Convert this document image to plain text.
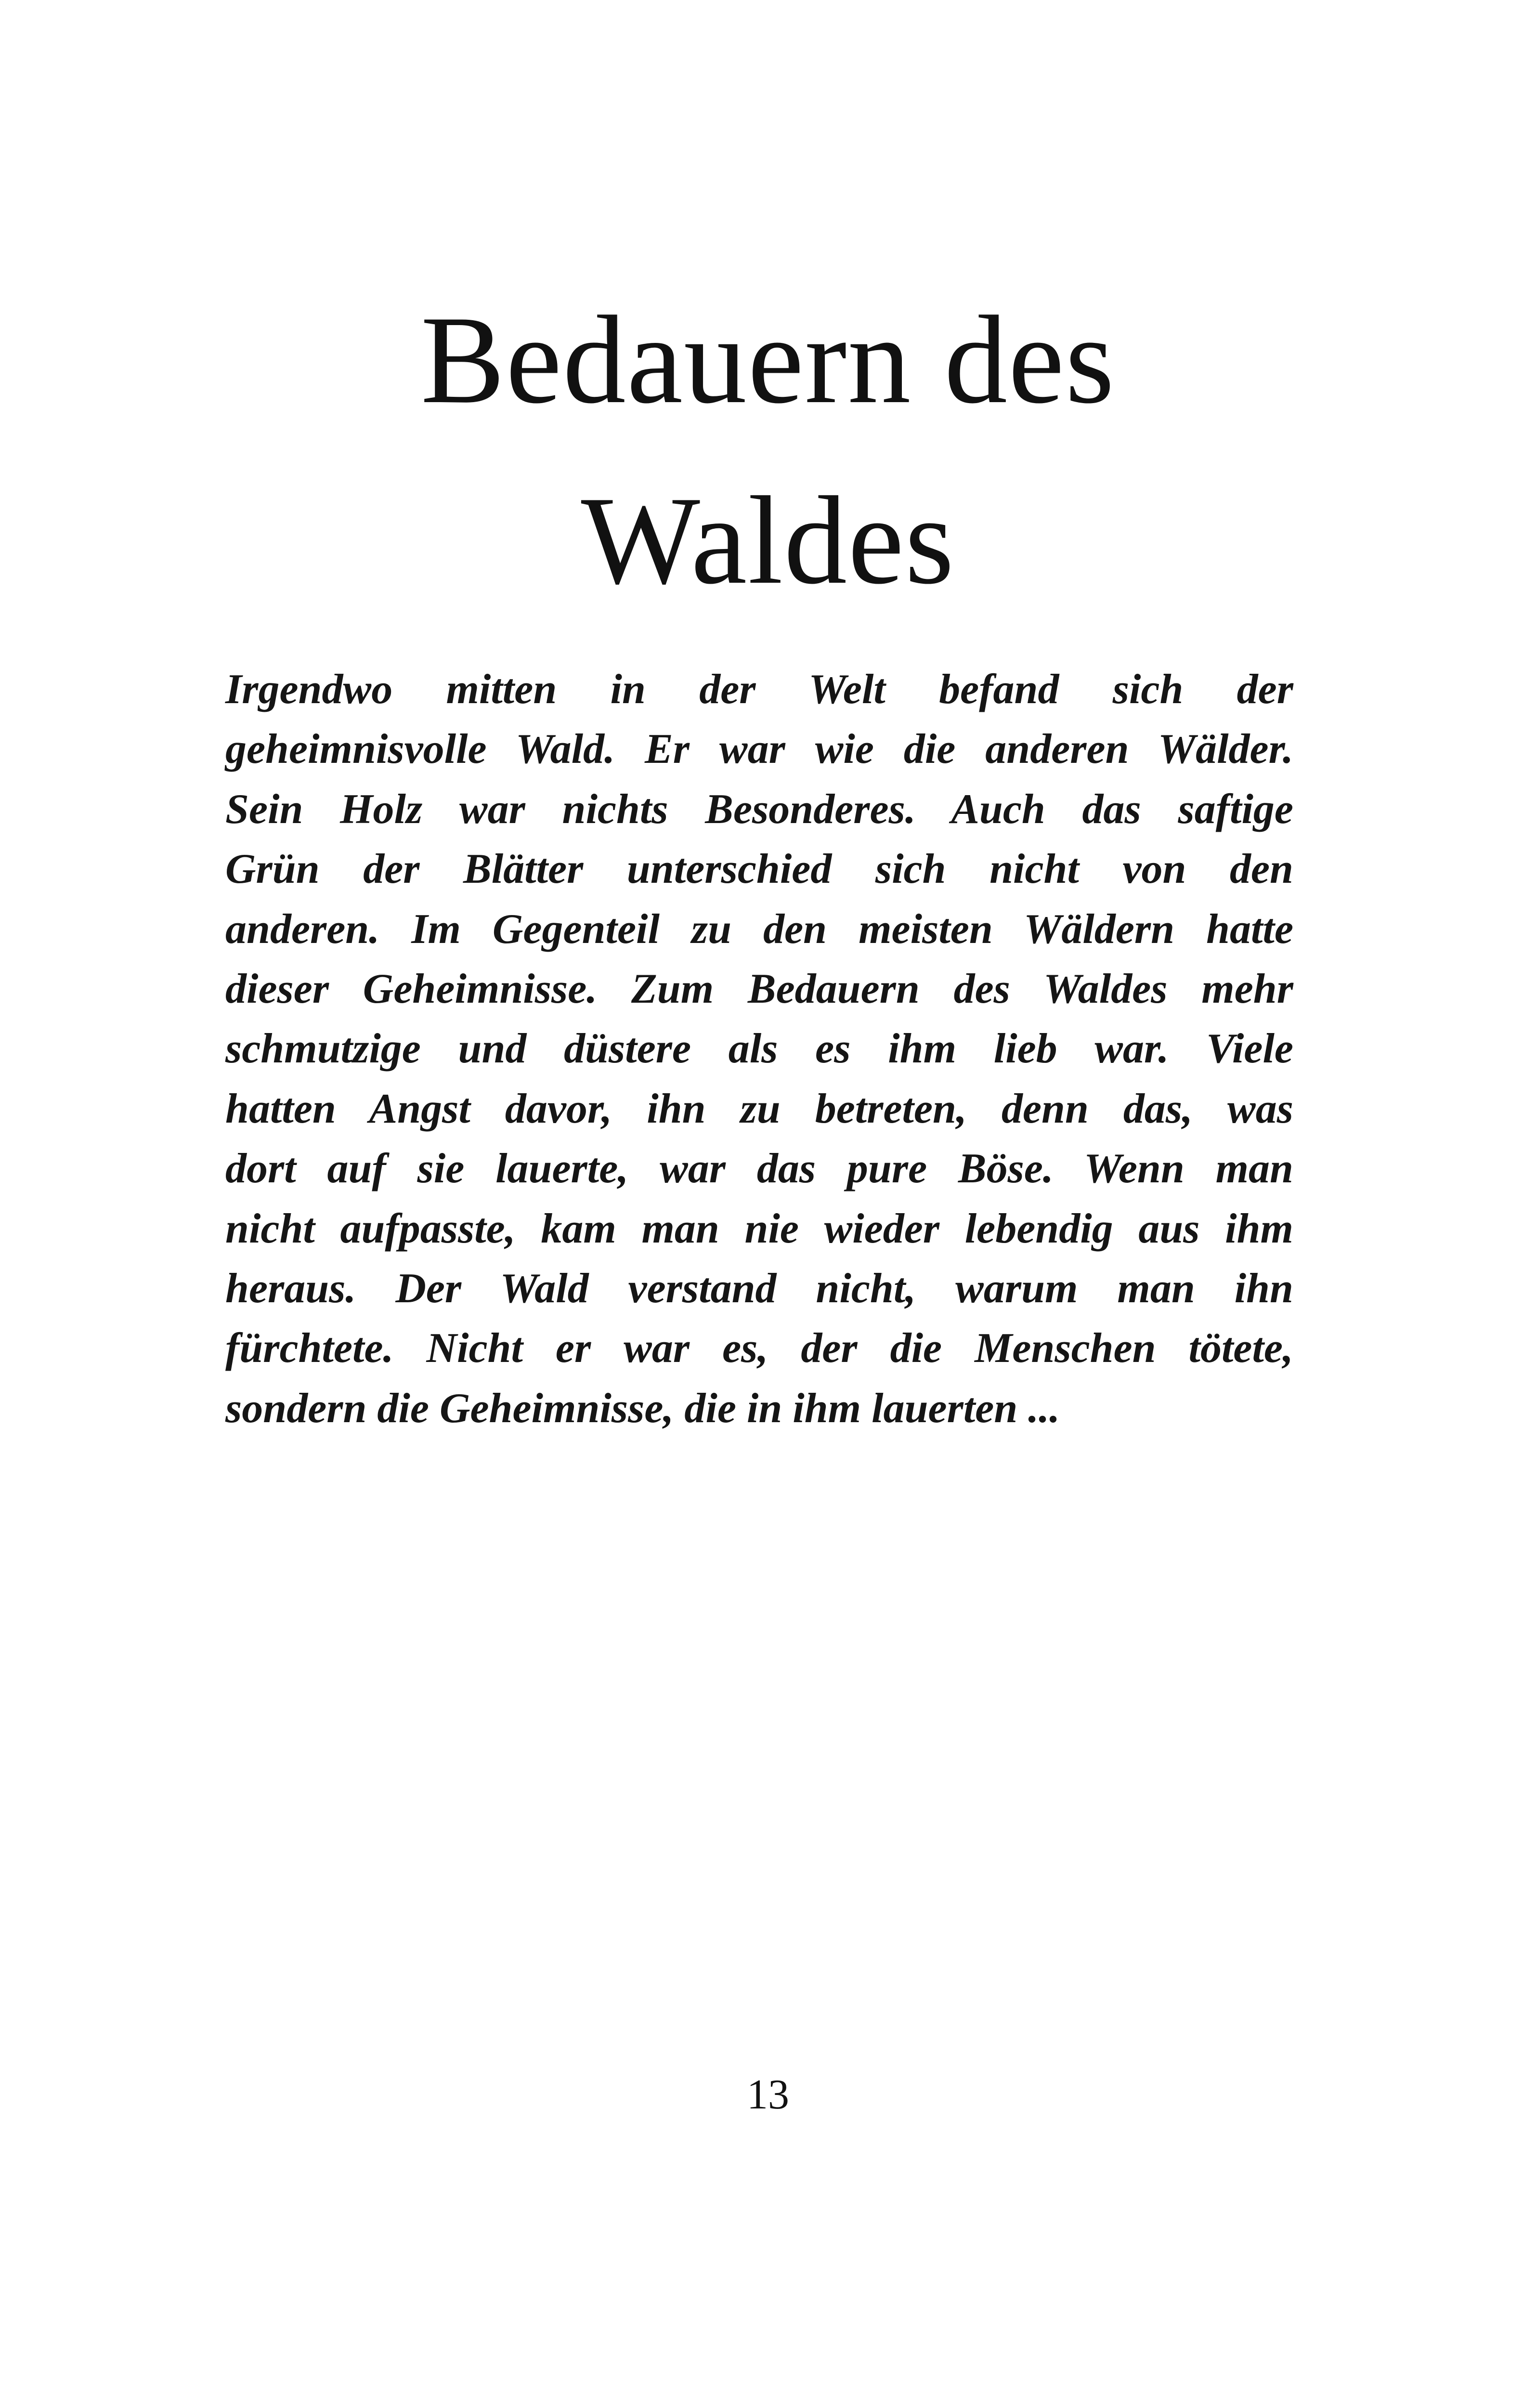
Bedauern des
Waldes
Irgendwo mitten in der Welt befand sich der
geheimnisvolle Wald. Er war wie die anderen Wälder.
Sein Holz war nichts Besonderes. Auch das saftige
Grün der Blätter unterschied sich nicht von den
anderen. Im Gegenteil zu den meisten Wäldern hatte
dieser Geheimnisse. Zum Bedauern des Waldes mehr
schmutzige und düstere als es ihm lieb war. Viele
hatten Angst davor, ihn zu betreten, denn das, was
dort auf sie lauerte, war das pure Böse. Wenn man
nicht aufpasste, kam man nie wieder lebendig aus ihm
heraus. Der Wald verstand nicht, warum man ihn
fürchtete. Nicht er war es, der die Menschen tötete,
sondern die Geheimnisse, die in ihm lauerten ...
13
